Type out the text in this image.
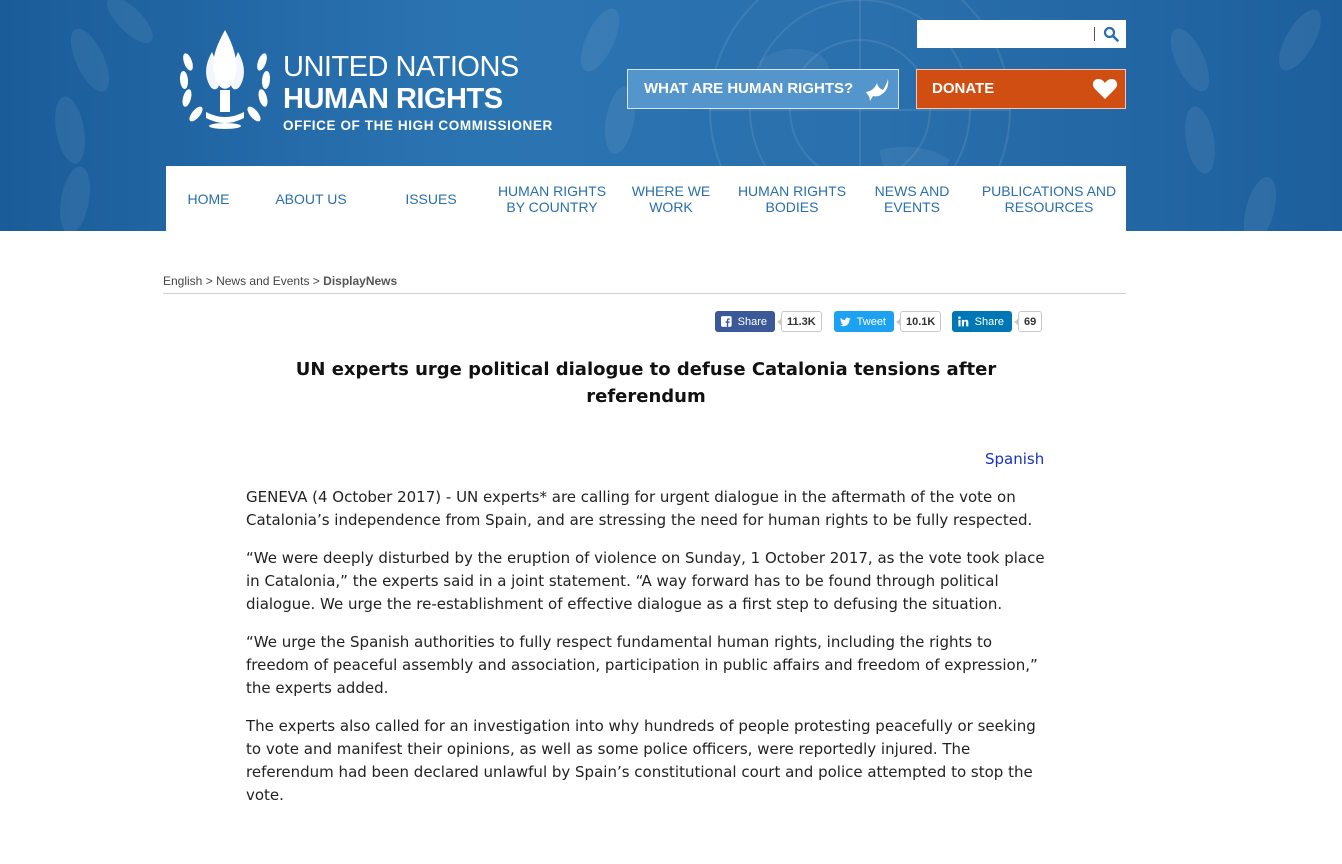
UNITED NATIONS
HUMAN RIGHTS
OFFICE OF THE HIGH COMMISSIONER
WHAT ARE HUMAN RIGHTS?	DONATE
HOME	ABOUT US	ISSUES	HUMAN RIGHTS BY COUNTRY
WHERE WE WORK
HUMAN RIGHTS BODIES
NEWS AND EVENTS
PUBLICATIONS AND RESOURCES
English > News and Events > DisplayNews
Share	11.3K	Tweet	10.1K	Share	69
UN experts urge political dialogue to defuse Catalonia tensions after referendum
Spanish

GENEVA (4 October 2017) - UN experts* are calling for urgent dialogue in the aftermath of the vote on Catalonia’s independence from Spain, and are stressing the need for human rights to be fully respected.

“We were deeply disturbed by the eruption of violence on Sunday, 1 October 2017, as the vote took place in Catalonia,” the experts said in a joint statement. “A way forward has to be found through political dialogue. We urge the re-establishment of effective dialogue as a first step to defusing the situation.

“We urge the Spanish authorities to fully respect fundamental human rights, including the rights to freedom of peaceful assembly and association, participation in public affairs and freedom of expression,” the experts added.

The experts also called for an investigation into why hundreds of people protesting peacefully or seeking to vote and manifest their opinions, as well as some police officers, were reportedly injured. The referendum had been declared unlawful by Spain’s constitutional court and police attempted to stop the vote.
